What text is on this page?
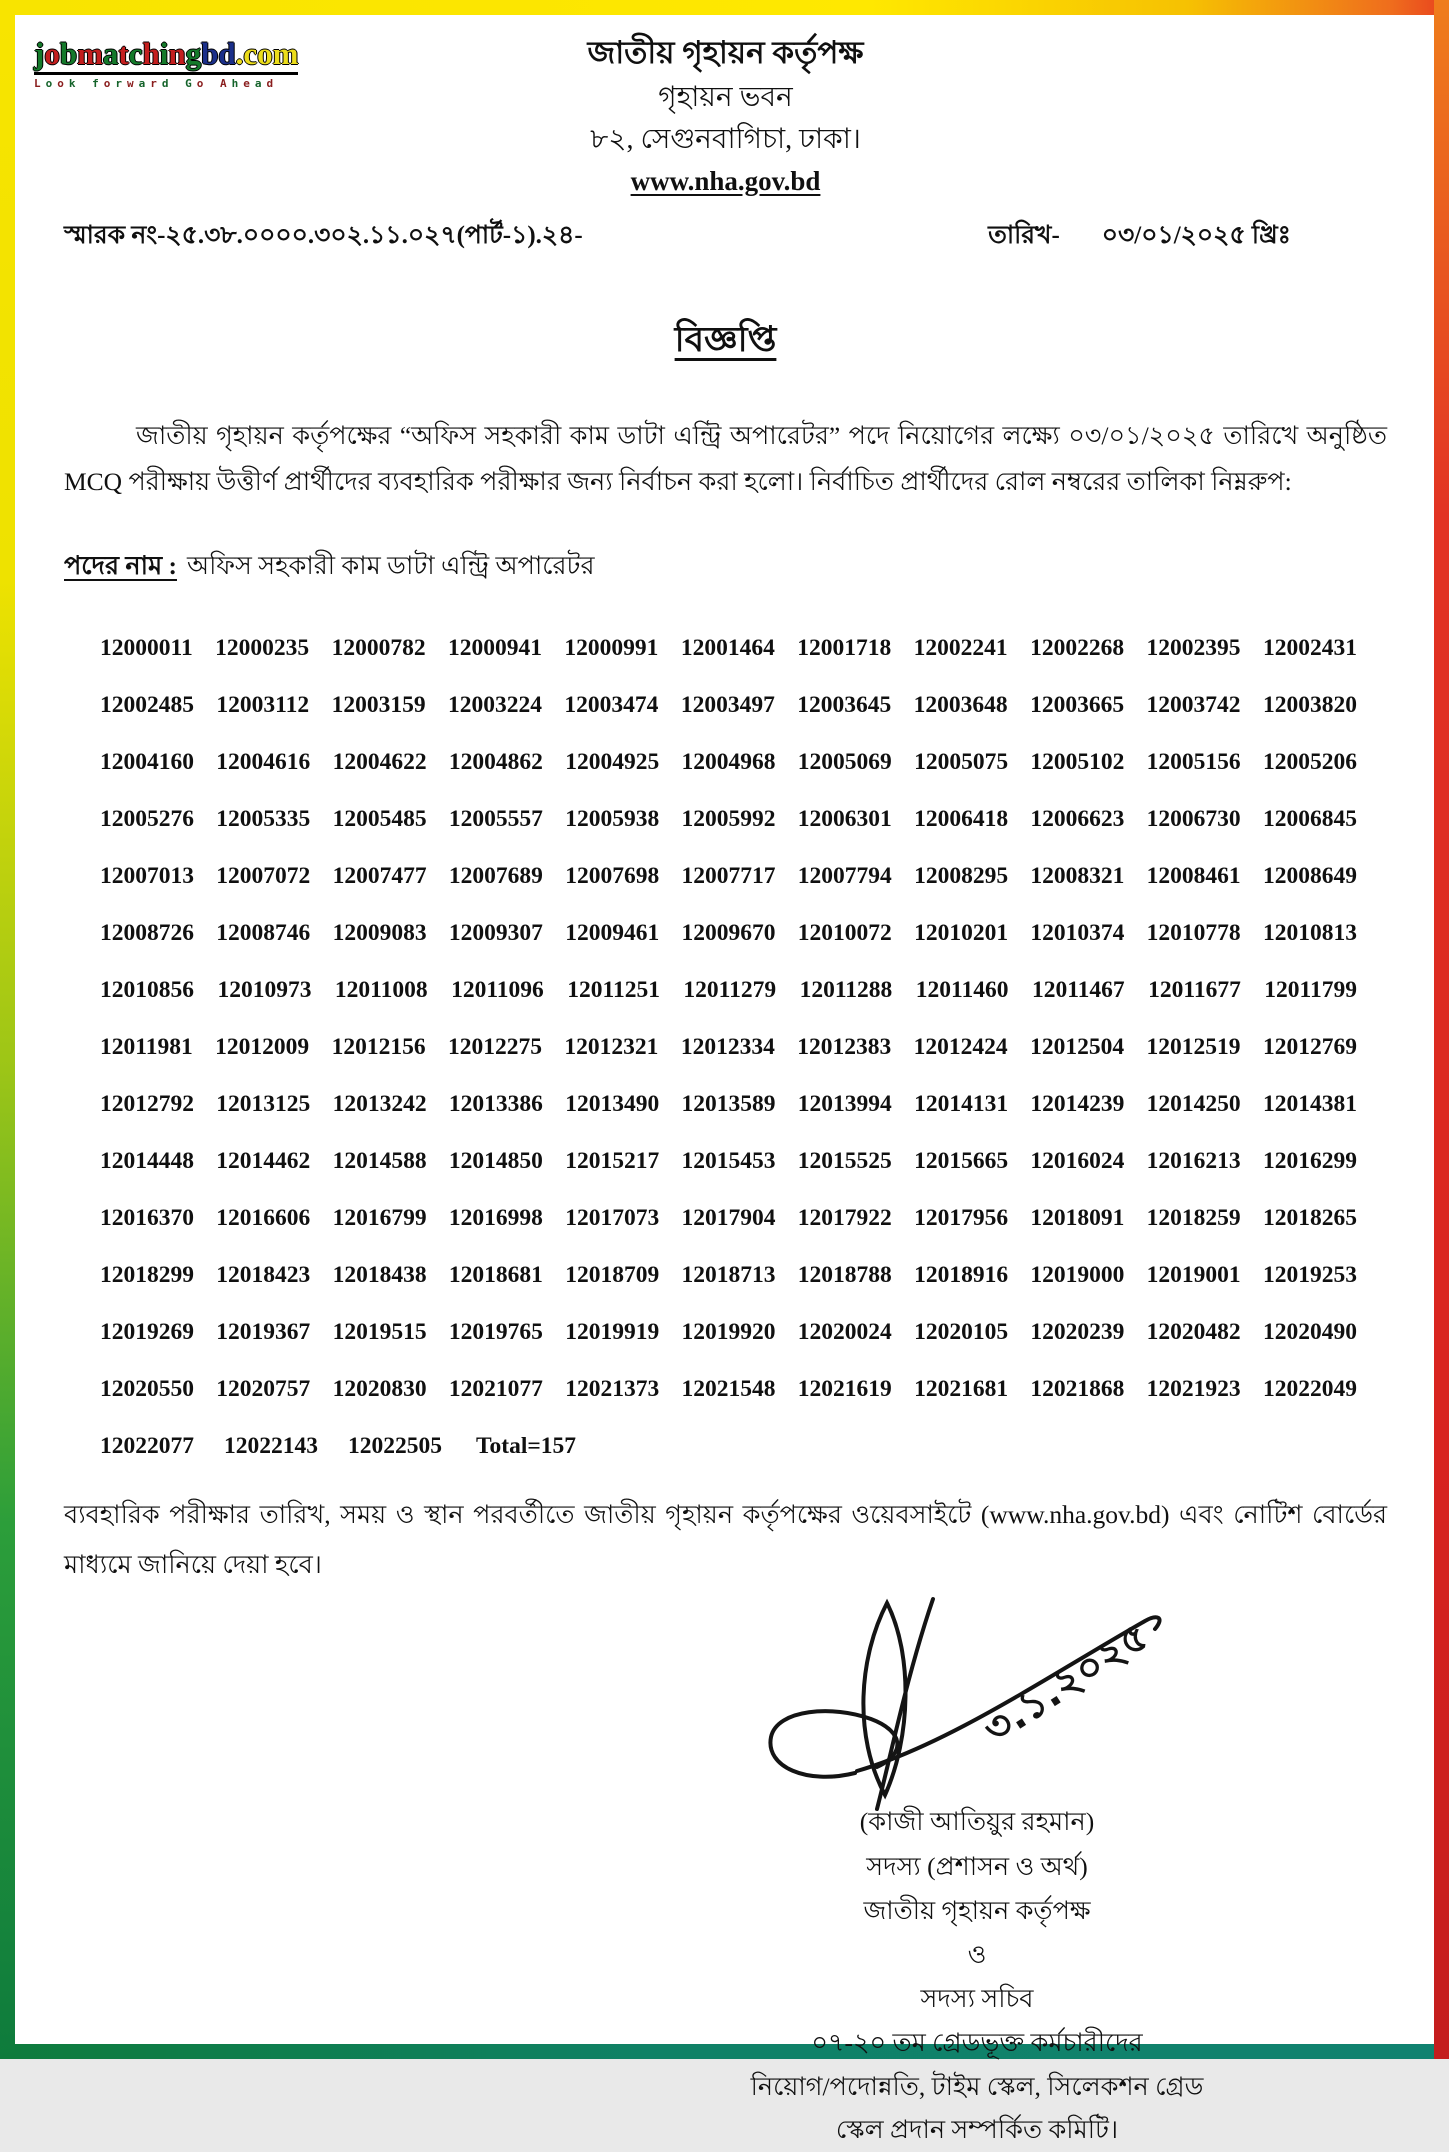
jobmatchingbd.com
Look forward Go Ahead
জাতীয় গৃহায়ন কর্তৃপক্ষ
গৃহায়ন ভবন
৮২, সেগুনবাগিচা, ঢাকা।
www.nha.gov.bd
স্মারক নং-২৫.৩৮.০০০০.৩০২.১১.০২৭(পার্ট-১).২৪-	তারিখ- ০৩/০১/২০২৫ খ্রিঃ
বিজ্ঞপ্তি

জাতীয় গৃহায়ন কর্তৃপক্ষের “অফিস সহকারী কাম ডাটা এন্ট্রি অপারেটর” পদে নিয়োগের লক্ষ্যে ০৩/০১/২০২৫ তারিখে অনুষ্ঠিত MCQ পরীক্ষায় উত্তীর্ণ প্রার্থীদের ব্যবহারিক পরীক্ষার জন্য নির্বাচন করা হলো। নির্বাচিত প্রার্থীদের রোল নম্বরের তালিকা নিম্নরুপ:

পদের নাম : অফিস সহকারী কাম ডাটা এন্ট্রি অপারেটর
12000011 12000235 12000782 12000941 12000991 12001464 12001718 12002241 12002268 12002395 12002431
12002485 12003112 12003159 12003224 12003474 12003497 12003645 12003648 12003665 12003742 12003820
12004160 12004616 12004622 12004862 12004925 12004968 12005069 12005075 12005102 12005156 12005206
12005276 12005335 12005485 12005557 12005938 12005992 12006301 12006418 12006623 12006730 12006845
12007013 12007072 12007477 12007689 12007698 12007717 12007794 12008295 12008321 12008461 12008649
12008726 12008746 12009083 12009307 12009461 12009670 12010072 12010201 12010374 12010778 12010813
12010856 12010973 12011008 12011096 12011251 12011279 12011288 12011460 12011467 12011677 12011799
12011981 12012009 12012156 12012275 12012321 12012334 12012383 12012424 12012504 12012519 12012769
12012792 12013125 12013242 12013386 12013490 12013589 12013994 12014131 12014239 12014250 12014381
12014448 12014462 12014588 12014850 12015217 12015453 12015525 12015665 12016024 12016213 12016299
12016370 12016606 12016799 12016998 12017073 12017904 12017922 12017956 12018091 12018259 12018265
12018299 12018423 12018438 12018681 12018709 12018713 12018788 12018916 12019000 12019001 12019253
12019269 12019367 12019515 12019765 12019919 12019920 12020024 12020105 12020239 12020482 12020490
12020550 12020757 12020830 12021077 12021373 12021548 12021619 12021681 12021868 12021923 12022049
12022077 12022143 12022505 Total=157

ব্যবহারিক পরীক্ষার তারিখ, সময় ও স্থান পরবর্তীতে জাতীয় গৃহায়ন কর্তৃপক্ষের ওয়েবসাইটে (www.nha.gov.bd) এবং নোটিশ বোর্ডের মাধ্যমে জানিয়ে দেয়া হবে।

৩.১.২০২৫
(কাজী আতিয়ুর রহমান)
সদস্য (প্রশাসন ও অর্থ)
জাতীয় গৃহায়ন কর্তৃপক্ষ
ও
সদস্য সচিব
০৭-২০ তম গ্রেডভূক্ত কর্মচারীদের
নিয়োগ/পদোন্নতি, টাইম স্কেল, সিলেকশন গ্রেড
স্কেল প্রদান সম্পর্কিত কমিটি।
